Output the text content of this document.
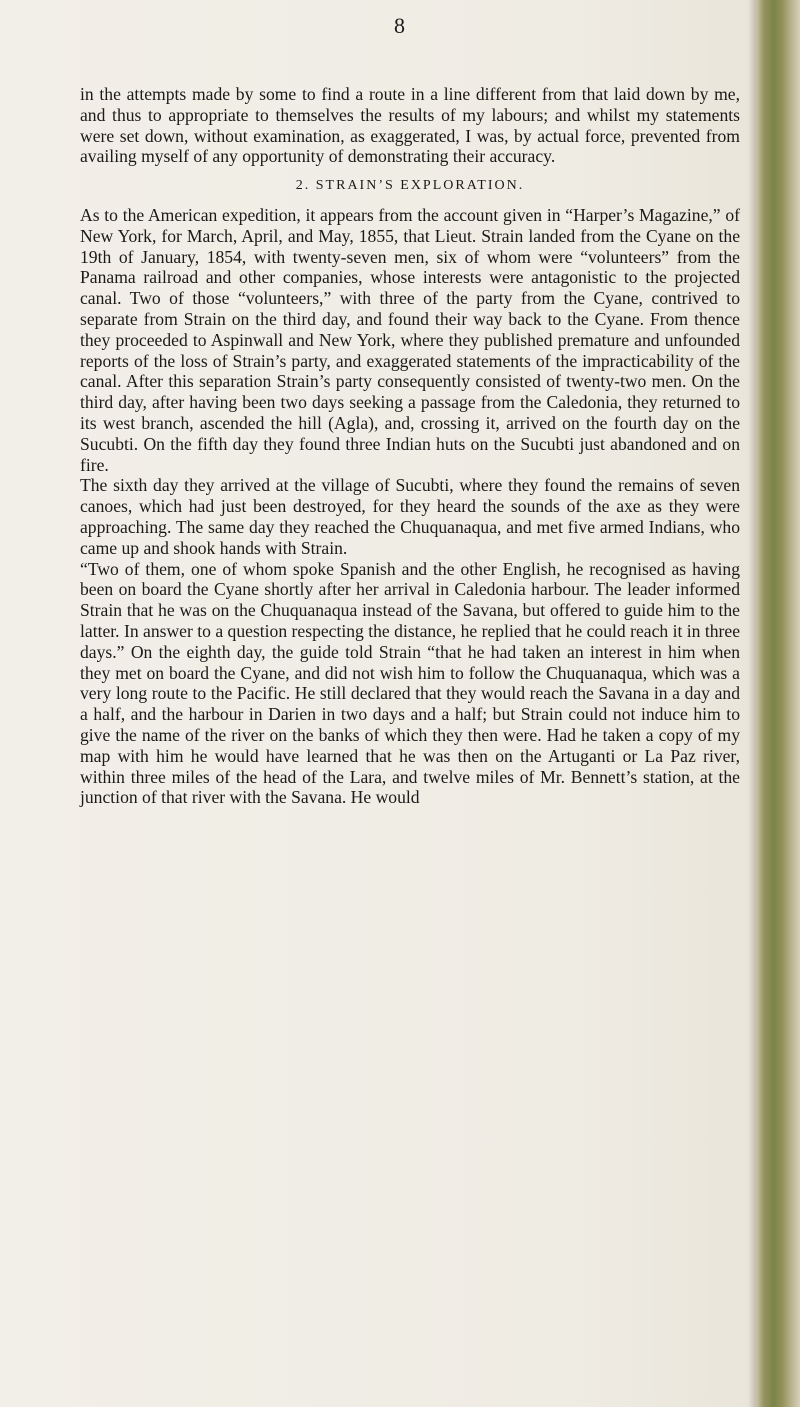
8

in the attempts made by some to find a route in a line different from that laid down by me, and thus to appropriate to themselves the results of my labours; and whilst my statements were set down, without examination, as exaggerated, I was, by actual force, prevented from availing myself of any opportunity of demonstrating their accuracy.

2. STRAIN’S EXPLORATION.

As to the American expedition, it appears from the account given in “Harper’s Magazine,” of New York, for March, April, and May, 1855, that Lieut. Strain landed from the Cyane on the 19th of January, 1854, with twenty-seven men, six of whom were “volunteers” from the Panama railroad and other companies, whose interests were antagonistic to the projected canal. Two of those “volunteers,” with three of the party from the Cyane, contrived to separate from Strain on the third day, and found their way back to the Cyane. From thence they proceeded to Aspinwall and New York, where they published premature and unfounded reports of the loss of Strain’s party, and exaggerated statements of the impracticability of the canal. After this separation Strain’s party consequently consisted of twenty-two men. On the third day, after having been two days seeking a passage from the Caledonia, they returned to its west branch, ascended the hill (Agla), and, crossing it, arrived on the fourth day on the Sucubti. On the fifth day they found three Indian huts on the Sucubti just abandoned and on fire.

The sixth day they arrived at the village of Sucubti, where they found the remains of seven canoes, which had just been destroyed, for they heard the sounds of the axe as they were approaching. The same day they reached the Chuquanaqua, and met five armed Indians, who came up and shook hands with Strain.

“Two of them, one of whom spoke Spanish and the other English, he recognised as having been on board the Cyane shortly after her arrival in Caledonia harbour. The leader informed Strain that he was on the Chuquanaqua instead of the Savana, but offered to guide him to the latter. In answer to a question respecting the distance, he replied that he could reach it in three days.” On the eighth day, the guide told Strain “that he had taken an interest in him when they met on board the Cyane, and did not wish him to follow the Chuquanaqua, which was a very long route to the Pacific. He still declared that they would reach the Savana in a day and a half, and the harbour in Darien in two days and a half; but Strain could not induce him to give the name of the river on the banks of which they then were. Had he taken a copy of my map with him he would have learned that he was then on the Artuganti or La Paz river, within three miles of the head of the Lara, and twelve miles of Mr. Bennett’s station, at the junction of that river with the Savana. He would
